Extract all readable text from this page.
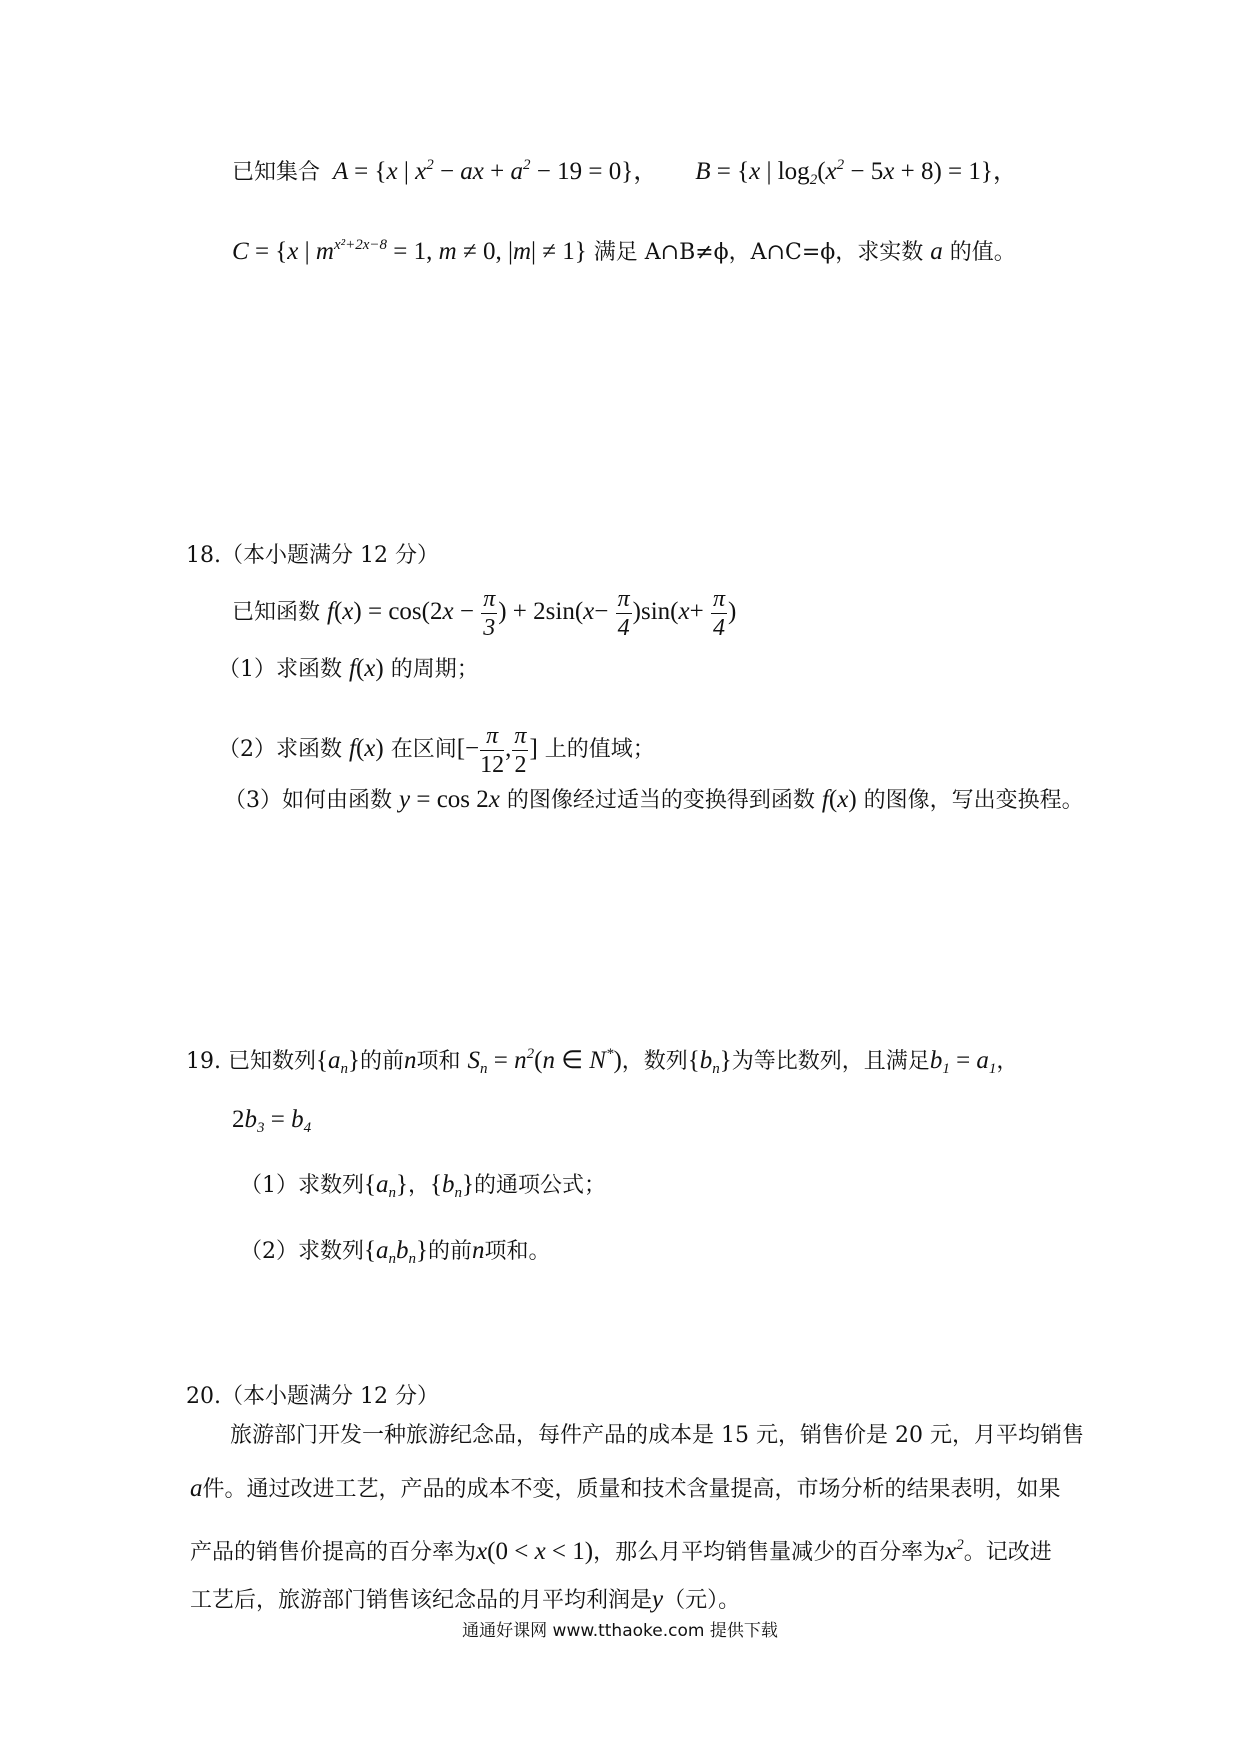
已知集合 A = {x | $x^2$ − ax + $a^2 - 19 = 0$}， B = {x | $\log_2(x^2 - 5x + 8) = 1$}，
C = {x | $m^{x^2+2x-8} = 1$, m ≠ 0, |m| ≠ 1} 满足 A∩B≠ϕ，A∩C=ϕ，求实数 a 的值。
18.（本小题满分 12 分）
已知函数 $f(x) = \cos(2x - \frac{\pi}{3}$ ) + $2\sin(x- \frac{\pi}{4} )\sin(x+ \frac{\pi}{4}$ )
（1）求函数 f(x) 的周期；
（2）求函数 f(x) 在区间[− $\frac{\pi}{12}$ , $\frac{\pi}{2}$ ] 上的值域；
（3）如何由函数 y = cos 2x 的图像经过适当的变换得到函数 f(x) 的图像，写出变换程。
19. 已知数列$\{a_n\}$的前n项和 $S_n = n^2(n$ ∈ N*)，数列$\{b_n\}$为等比数列，且满足$b_1 = a_1$，
$2b_3 = b_4$
（1）求数列$\{a_n\}$，$\{b_n\}$的通项公式；
（2）求数列$\{a_nb_n\}$的前n项和。
20.（本小题满分 12 分）
旅游部门开发一种旅游纪念品，每件产品的成本是 15 元，销售价是 20 元，月平均销售
a件。通过改进工艺，产品的成本不变，质量和技术含量提高，市场分析的结果表明，如果
产品的销售价提高的百分率为x(0 < x < 1)，那么月平均销售量减少的百分率为$x^2$。记改进
工艺后，旅游部门销售该纪念品的月平均利润是y（元）。
通通好课网 www.tthaoke.com 提供下载
